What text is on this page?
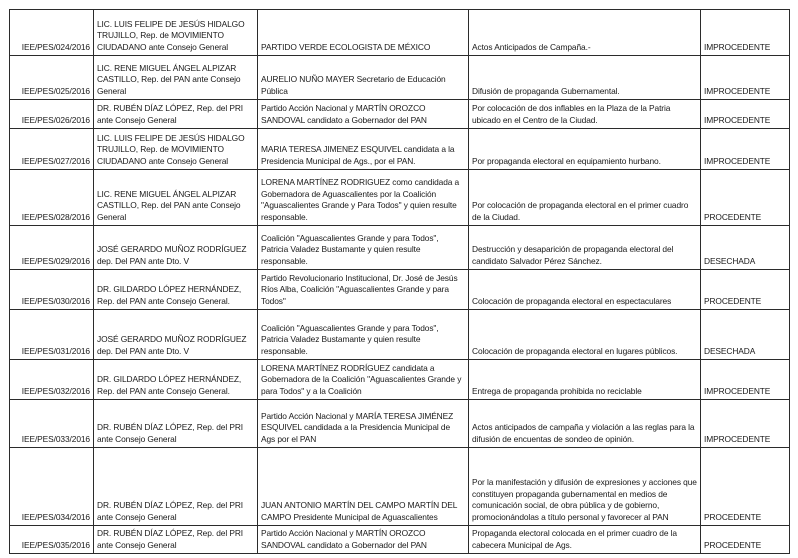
IEE/PES/024/2016	LIC. LUIS FELIPE DE JESÚS HIDALGO TRUJILLO, Rep. de MOVIMIENTO CIUDADANO ante Consejo General	PARTIDO VERDE ECOLOGISTA DE MÉXICO	Actos Anticipados de Campaña.-	IMPROCEDENTE
IEE/PES/025/2016	LIC. RENE MIGUEL ÁNGEL ALPIZAR CASTILLO, Rep. del PAN ante Consejo General	AURELIO NUÑO MAYER Secretario de Educación Pública	Difusión de propaganda Gubernamental.	IMPROCEDENTE
IEE/PES/026/2016	DR. RUBÉN DÍAZ LÓPEZ, Rep. del PRI ante Consejo General	Partido Acción Nacional y MARTÍN OROZCO SANDOVAL candidato a Gobernador del PAN	Por colocación de dos inflables en la Plaza de la Patria ubicado en el Centro de la Ciudad.	IMPROCEDENTE
IEE/PES/027/2016	LIC. LUIS FELIPE DE JESÚS HIDALGO TRUJILLO, Rep. de MOVIMIENTO CIUDADANO ante Consejo General	MARIA TERESA JIMENEZ ESQUIVEL candidata a la Presidencia Municipal de Ags., por el PAN.	Por propaganda electoral en equipamiento hurbano.	IMPROCEDENTE
IEE/PES/028/2016	LIC. RENE MIGUEL ÁNGEL ALPIZAR CASTILLO, Rep. del PAN ante Consejo General	LORENA MARTÍNEZ RODRIGUEZ como candidada a Gobernadora de Aguascalientes por la Coalición "Aguascalientes Grande y Para Todos" y quien resulte responsable.	Por colocación de propaganda electoral en el primer cuadro de la Ciudad.	PROCEDENTE
IEE/PES/029/2016	JOSÉ GERARDO MUÑOZ RODRÍGUEZ dep. Del PAN ante Dto. V	Coalición "Aguascalientes Grande y para Todos", Patricia Valadez Bustamante y quien resulte responsable.	Destrucción y desaparición de propaganda electoral del candidato Salvador Pérez Sánchez.	DESECHADA
IEE/PES/030/2016	DR. GILDARDO LÓPEZ HERNÁNDEZ, Rep. del PAN ante Consejo General.	Partido Revolucionario Institucional, Dr. José de Jesús Ríos Alba, Coalición "Aguascalientes Grande y para Todos"	Colocación de propaganda electoral en espectaculares	PROCEDENTE
IEE/PES/031/2016	JOSÉ GERARDO MUÑOZ RODRÍGUEZ dep. Del PAN ante Dto. V	Coalición "Aguascalientes Grande y para Todos", Patricia Valadez Bustamante y quien resulte responsable.	Colocación de propaganda electoral en lugares públicos.	DESECHADA
IEE/PES/032/2016	DR. GILDARDO LÓPEZ HERNÁNDEZ, Rep. del PAN ante Consejo General.	LORENA MARTÍNEZ RODRÍGUEZ candidata a Gobernadora de la Coalición "Aguascalientes Grande y para Todos" y a la Coalición	Entrega de propaganda prohibida no reciclable	IMPROCEDENTE
IEE/PES/033/2016	DR. RUBÉN DÍAZ LÓPEZ, Rep. del PRI ante Consejo General	Partido Acción Nacional y MARÍA TERESA JIMÉNEZ ESQUIVEL candidada a la Presidencia Municipal de Ags por el PAN	Actos anticipados de campaña y violación a las reglas para la difusión de encuentas de sondeo de opinión.	IMPROCEDENTE
IEE/PES/034/2016	DR. RUBÉN DÍAZ LÓPEZ, Rep. del PRI ante Consejo General	JUAN ANTONIO MARTÍN DEL CAMPO MARTÍN DEL CAMPO Presidente Municipal de Aguascalientes	Por la manifestación y difusión de expresiones y acciones que constituyen propaganda gubernamental en medios de comunicación social, de obra pública y de gobierno, promocionándolas a título personal y favorecer al PAN	PROCEDENTE
IEE/PES/035/2016	DR. RUBÉN DÍAZ LÓPEZ, Rep. del PRI ante Consejo General	Partido Acción Nacional y MARTÍN OROZCO SANDOVAL candidato a Gobernador del PAN	Propaganda electoral colocada en el primer cuadro de la cabecera Municipal de Ags.	PROCEDENTE
